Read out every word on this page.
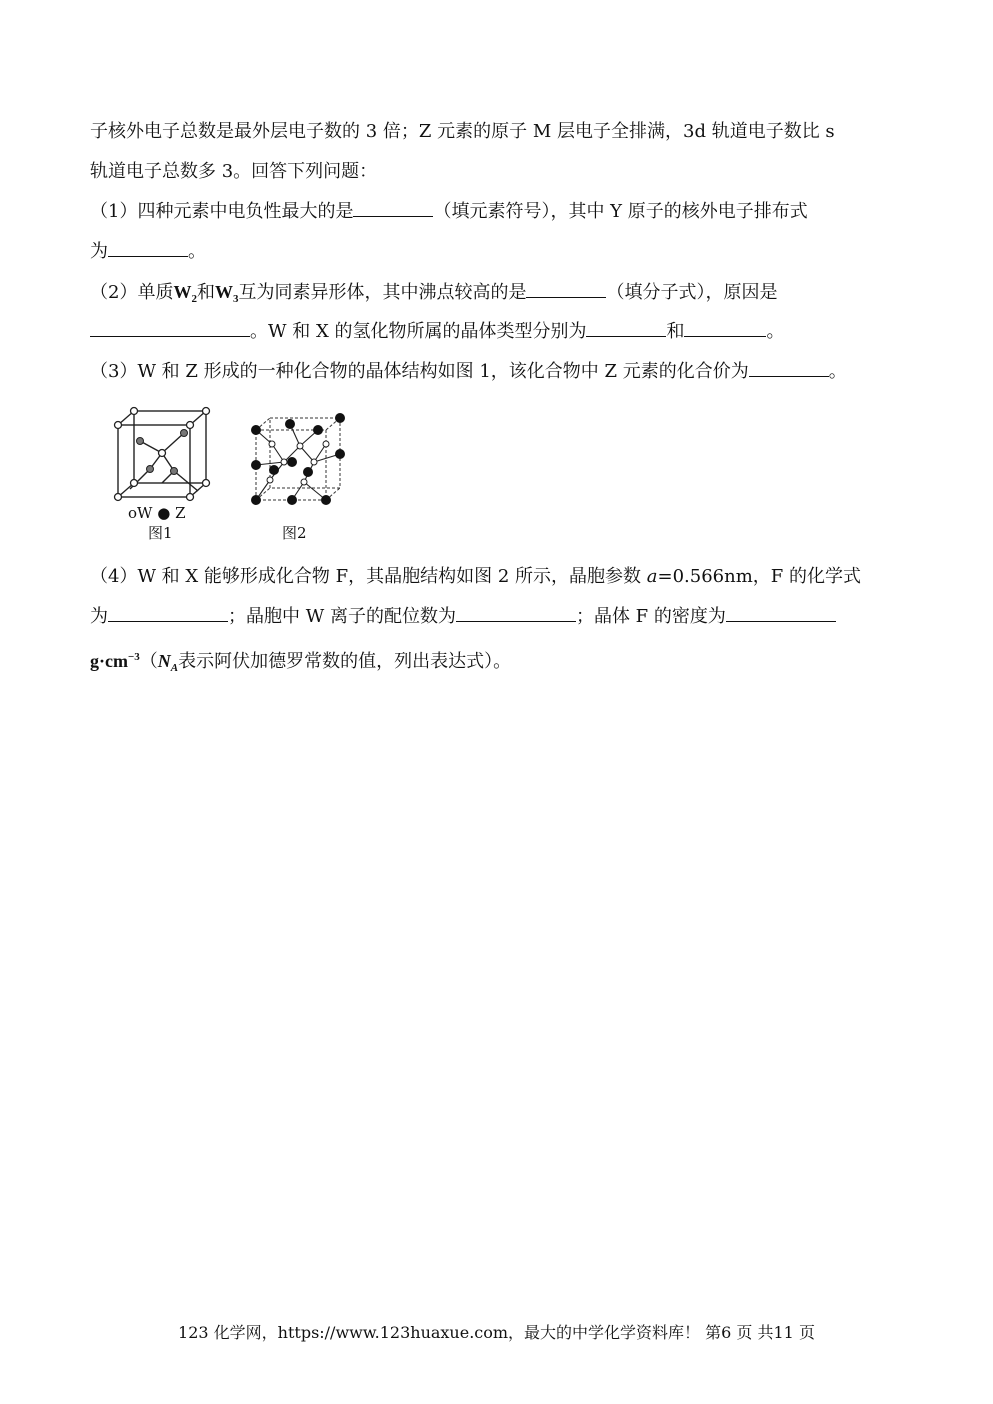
子核外电子总数是最外层电子数的 3 倍；Z 元素的原子 M 层电子全排满，3d 轨道电子数比 s
轨道电子总数多 3。回答下列问题：
（1）四种元素中电负性最大的是	（填元素符号），其中 Y 原子的核外电子排布式
为	。
（2）单质$W_2$和$W_3$互为同素异形体，其中沸点较高的是	（填分子式），原因是
。W 和 X 的氢化物所属的晶体类型分别为	和	。
（3）W 和 Z 形成的一种化合物的晶体结构如图 1，该化合物中 Z 元素的化合价为	。
oW ● Z
图1	图2
（4）W 和 X 能够形成化合物 F，其晶胞结构如图 2 所示，晶胞参数 a=0.566nm，F 的化学式
为	；晶胞中 W 离子的配位数为	；晶体 F 的密度为
$g\cdot cm^{-3}(N_A$表示阿伏加德罗常数的值，列出表达式）。
123 化学网，https://www.123huaxue.com，最大的中学化学资料库！ 第6 页 共11 页
